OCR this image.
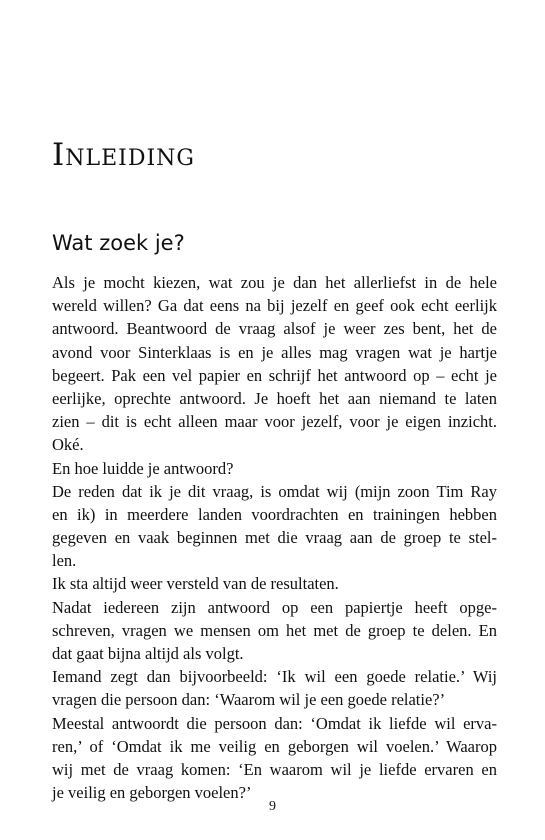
Inleiding
Wat zoek je?
Als je mocht kiezen, wat zou je dan het allerliefst in de hele
wereld willen? Ga dat eens na bij jezelf en geef ook echt eerlijk
antwoord. Beantwoord de vraag alsof je weer zes bent, het de
avond voor Sinterklaas is en je alles mag vragen wat je hartje
begeert. Pak een vel papier en schrijf het antwoord op – echt je
eerlijke, oprechte antwoord. Je hoeft het aan niemand te laten
zien – dit is echt alleen maar voor jezelf, voor je eigen inzicht.
Oké.
En hoe luidde je antwoord?
De reden dat ik je dit vraag, is omdat wij (mijn zoon Tim Ray
en ik) in meerdere landen voordrachten en trainingen hebben
gegeven en vaak beginnen met die vraag aan de groep te stel-
len.
Ik sta altijd weer versteld van de resultaten.
Nadat iedereen zijn antwoord op een papiertje heeft opge-
schreven, vragen we mensen om het met de groep te delen. En
dat gaat bijna altijd als volgt.
Iemand zegt dan bijvoorbeeld: ‘Ik wil een goede relatie.’ Wij
vragen die persoon dan: ‘Waarom wil je een goede relatie?’
Meestal antwoordt die persoon dan: ‘Omdat ik liefde wil erva-
ren,’ of ‘Omdat ik me veilig en geborgen wil voelen.’ Waarop
wij met de vraag komen: ‘En waarom wil je liefde ervaren en
je veilig en geborgen voelen?’
9
